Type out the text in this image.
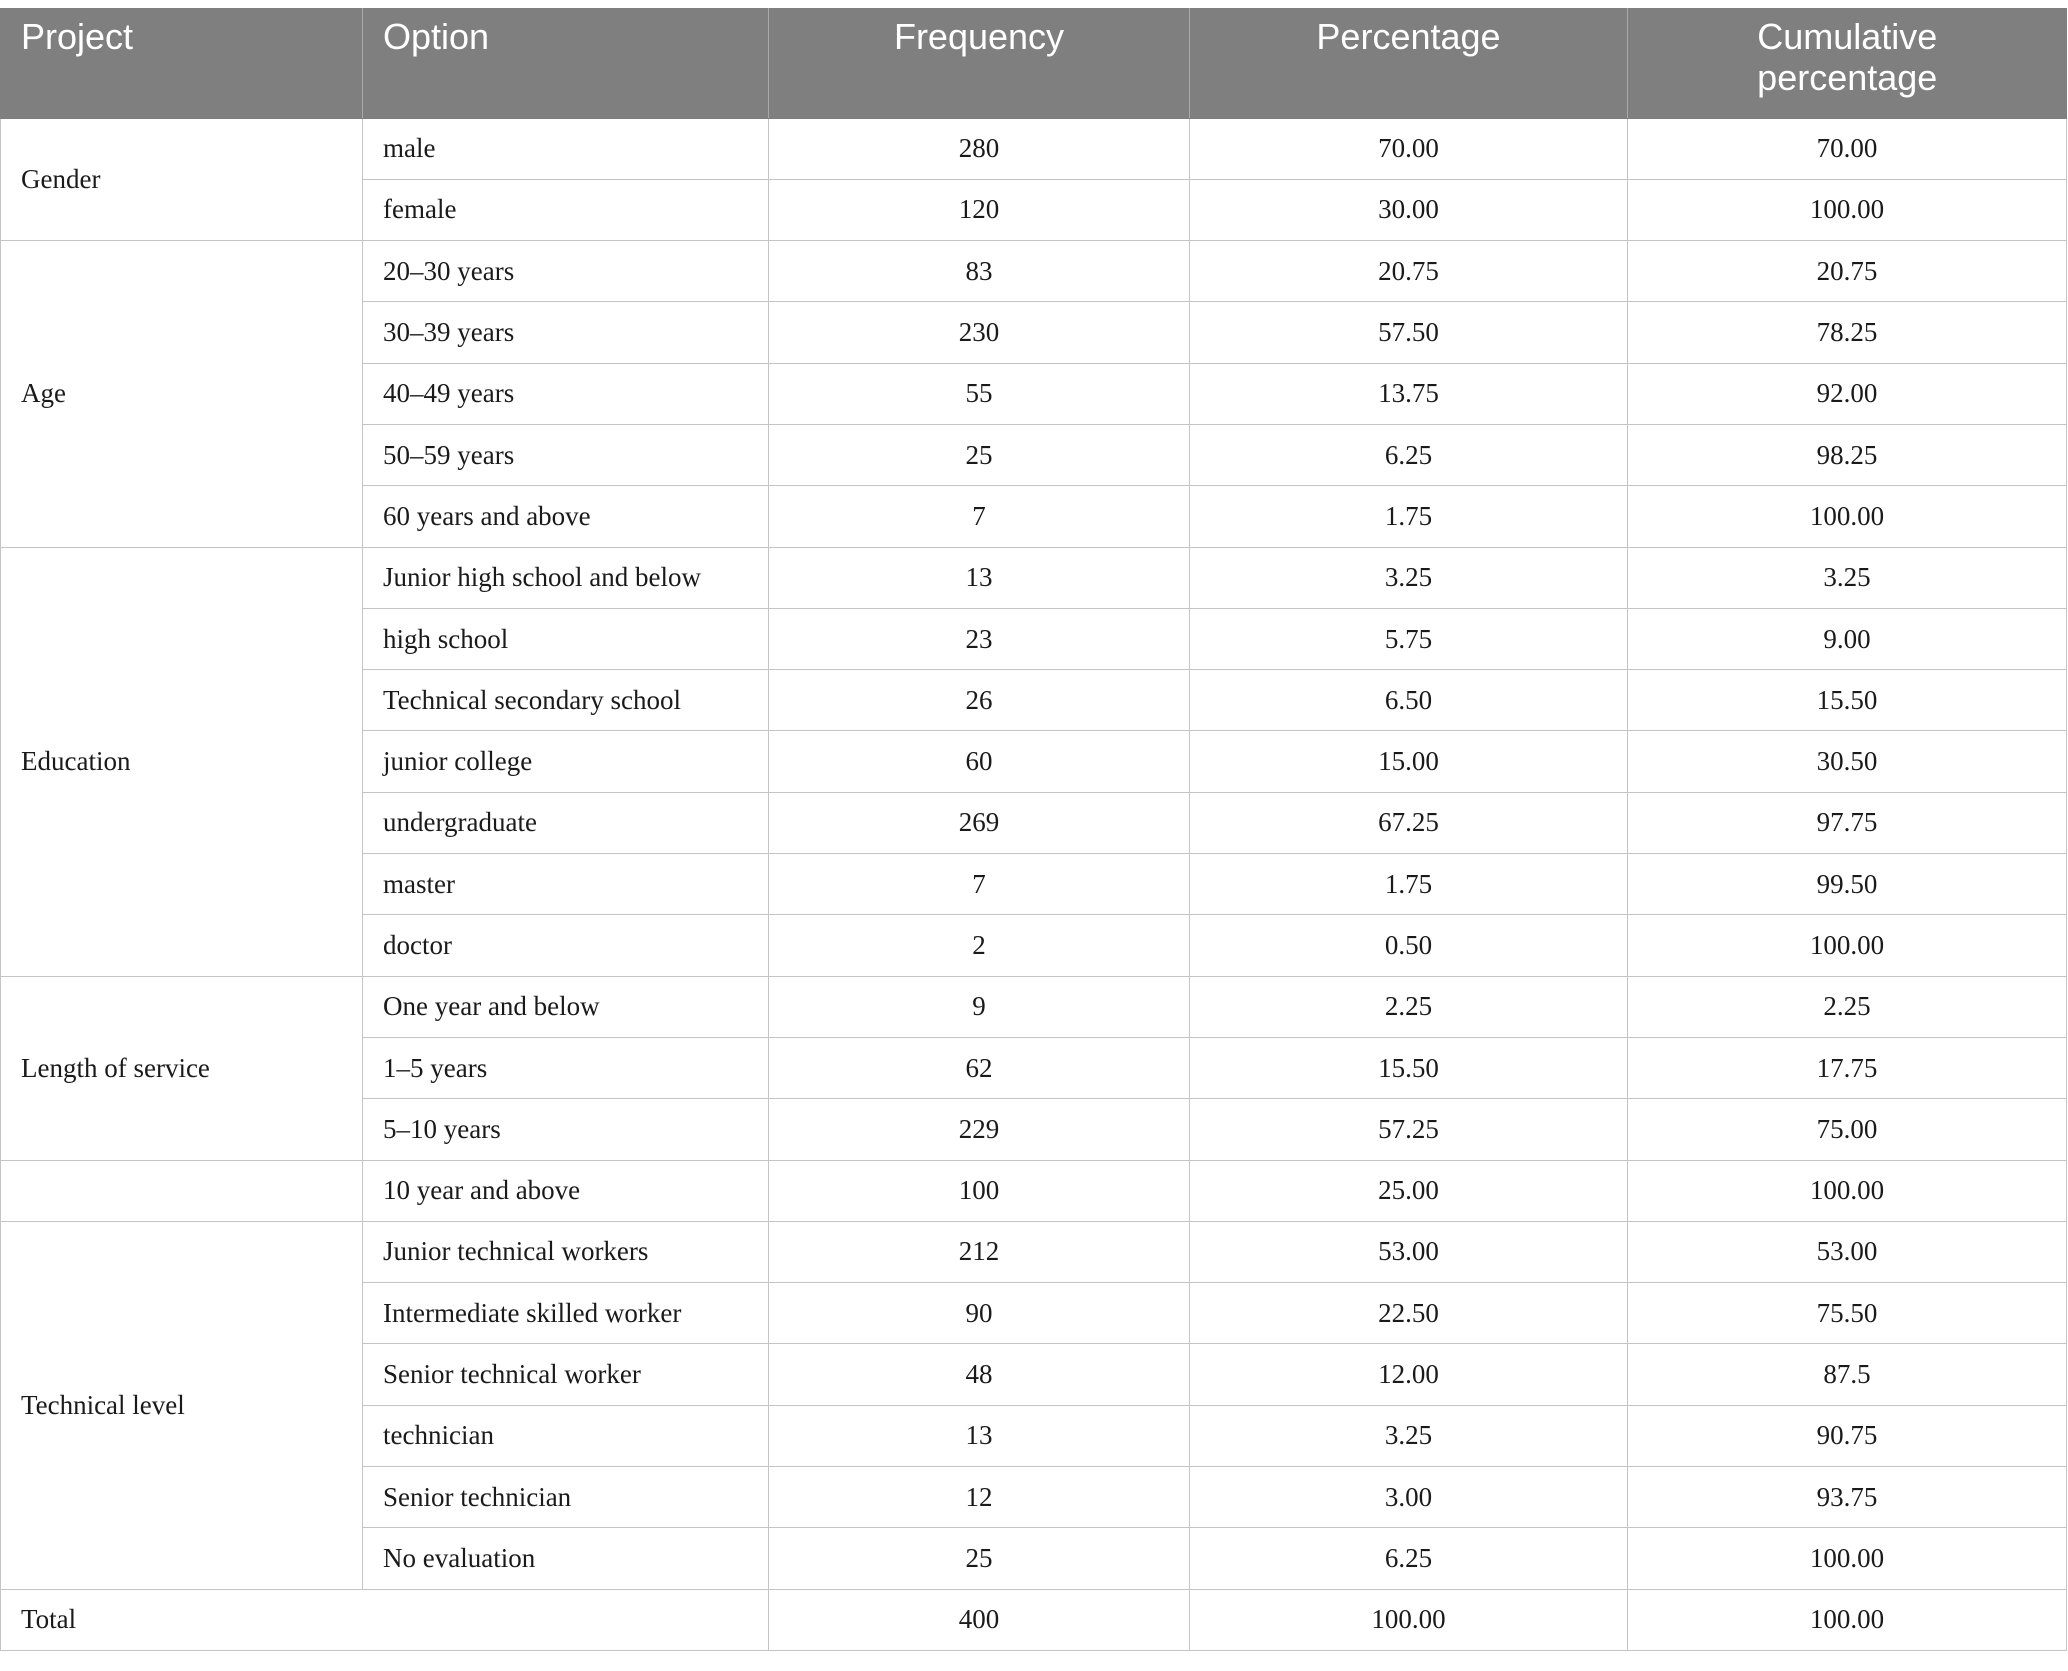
Project	Option	Frequency	Percentage	Cumulative
percentage
Gender	male	280	70.00	70.00
	female	120	30.00	100.00
Age	20–30 years	83	20.75	20.75
	30–39 years	230	57.50	78.25
	40–49 years	55	13.75	92.00
	50–59 years	25	6.25	98.25
	60 years and above	7	1.75	100.00
Education	Junior high school and below	13	3.25	3.25
	high school	23	5.75	9.00
	Technical secondary school	26	6.50	15.50
	junior college	60	15.00	30.50
	undergraduate	269	67.25	97.75
	master	7	1.75	99.50
	doctor	2	0.50	100.00
Length of service	One year and below	9	2.25	2.25
	1–5 years	62	15.50	17.75
	5–10 years	229	57.25	75.00
	10 year and above	100	25.00	100.00
Technical level	Junior technical workers	212	53.00	53.00
	Intermediate skilled worker	90	22.50	75.50
	Senior technical worker	48	12.00	87.5
	technician	13	3.25	90.75
	Senior technician	12	3.00	93.75
	No evaluation	25	6.25	100.00
Total		400	100.00	100.00
